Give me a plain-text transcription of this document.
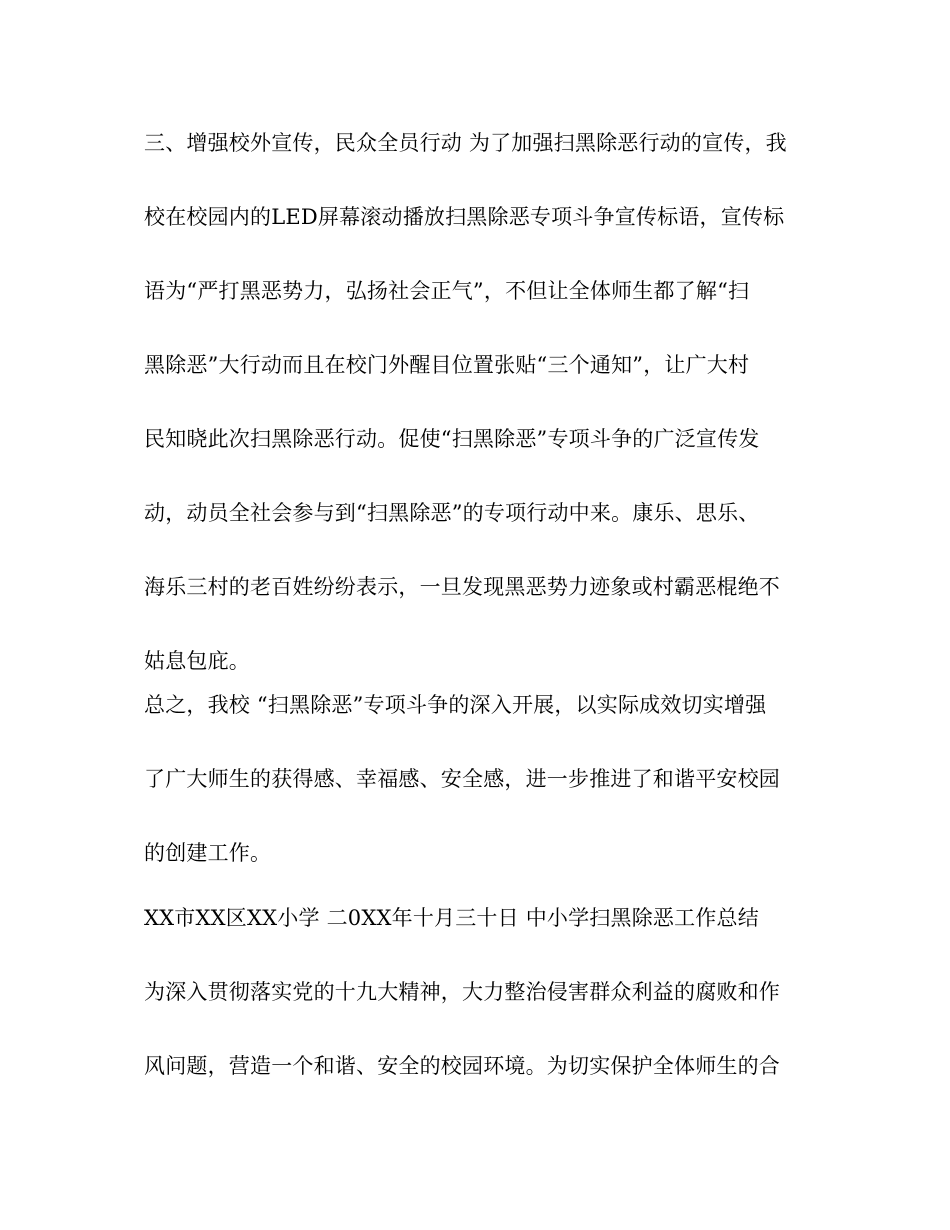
三、增强校外宣传，民众全员行动 为了加强扫黑除恶行动的宣传，我
校在校园内的LED屏幕滚动播放扫黑除恶专项斗争宣传标语，宣传标
语为“严打黑恶势力，弘扬社会正气”，不但让全体师生都了解“扫
黑除恶”大行动而且在校门外醒目位置张贴“三个通知”，让广大村
民知晓此次扫黑除恶行动。促使“扫黑除恶”专项斗争的广泛宣传发
动，动员全社会参与到“扫黑除恶”的专项行动中来。康乐、思乐、
海乐三村的老百姓纷纷表示，一旦发现黑恶势力迹象或村霸恶棍绝不
姑息包庇。

总之，我校 “扫黑除恶”专项斗争的深入开展，以实际成效切实增强
了广大师生的获得感、幸福感、安全感，进一步推进了和谐平安校园
的创建工作。

XX市XX区XX小学 二0XX年十月三十日 中小学扫黑除恶工作总结
为深入贯彻落实党的十九大精神，大力整治侵害群众利益的腐败和作
风问题，营造一个和谐、安全的校园环境。为切实保护全体师生的合
